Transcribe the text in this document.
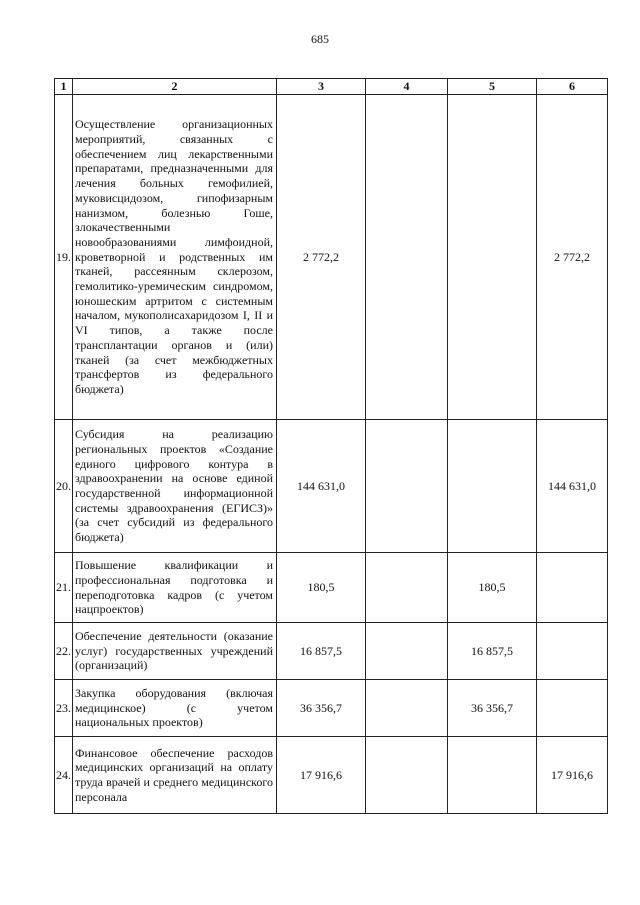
685
1	2	3	4	5	6
19.	Осуществление организационных мероприятий, связанных с обеспечением лиц лекарственными препаратами, предназначенными для лечения больных гемофилией, муковисцидозом, гипофизарным нанизмом, болезнью Гоше, злокачественными новообразованиями лимфоидной, кроветворной и родственных им тканей, рассеянным склерозом, гемолитико-уремическим синдромом, юношеским артритом с системным началом, мукополисахаридозом I, II и VI типов, а также после трансплантации органов и (или) тканей (за счет межбюджетных трансфертов из федерального бюджета)	2 772,2			2 772,2
20.	Субсидия на реализацию региональных проектов «Создание единого цифрового контура в здравоохранении на основе единой государственной информационной системы здравоохранения (ЕГИСЗ)» (за счет субсидий из федерального бюджета)	144 631,0			144 631,0
21.	Повышение квалификации и профессиональная подготовка и переподготовка кадров (с учетом нацпроектов)	180,5		180,5	
22.	Обеспечение деятельности (оказание услуг) государственных учреждений (организаций)	16 857,5		16 857,5	
23.	Закупка оборудования (включая медицинское) (с учетом национальных проектов)	36 356,7		36 356,7	
24.	Финансовое обеспечение расходов медицинских организаций на оплату труда врачей и среднего медицинского персонала	17 916,6			17 916,6
